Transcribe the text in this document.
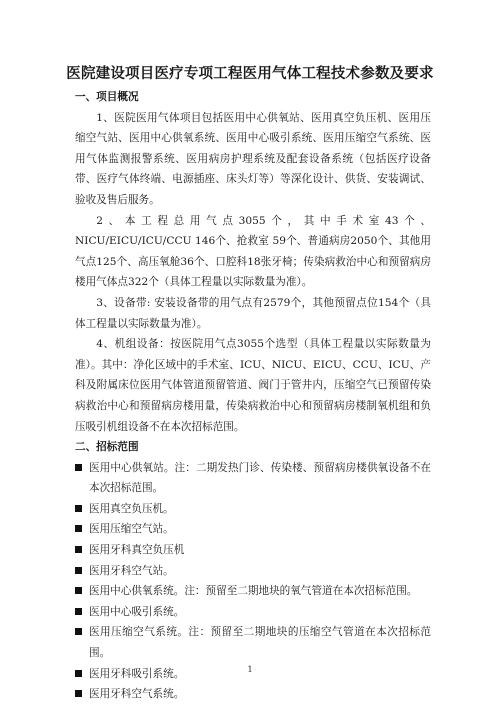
医院建设项目医疗专项工程医用气体工程技术参数及要求
一、项目概况
1、医院医用气体项目包括医用中心供氧站、医用真空负压机、医用压缩空气站、医用中心供氧系统、医用中心吸引系统、医用压缩空气系统、医用气体监测报警系统、医用病房护理系统及配套设备系统（包括医疗设备带、医疗气体终端、电源插座、床头灯等）等深化设计、供货、安装调试、验收及售后服务。
2、本工程总用气点3055个，其中手术室43个、NICU/EICU/ICU/CCU 146个、抢救室 59个、普通病房2050个、其他用气点125个、高压氧舱36个、口腔科18张牙椅；传染病救治中心和预留病房楼用气体点322个（具体工程量以实际数量为准）。
3、设备带: 安装设备带的用气点有2579个，其他预留点位154个（具体工程量以实际数量为准）。
4、机组设备：按医院用气点3055个选型（具体工程量以实际数量为准）。其中：净化区域中的手术室、ICU、NICU、EICU、CCU、ICU、产科及附属床位医用气体管道预留管道、阀门于管井内，压缩空气已预留传染病救治中心和预留病房楼用量，传染病救治中心和预留病房楼制氧机组和负压吸引机组设备不在本次招标范围。
二、招标范围
医用中心供氧站。注：二期发热门诊、传染楼、预留病房楼供氧设备不在本次招标范围。
医用真空负压机。
医用压缩空气站。
医用牙科真空负压机
医用牙科空气站。
医用中心供氧系统。注：预留至二期地块的氧气管道在本次招标范围。
医用中心吸引系统。
医用压缩空气系统。注：预留至二期地块的压缩空气管道在本次招标范围。
医用牙科吸引系统。
医用牙科空气系统。
1
